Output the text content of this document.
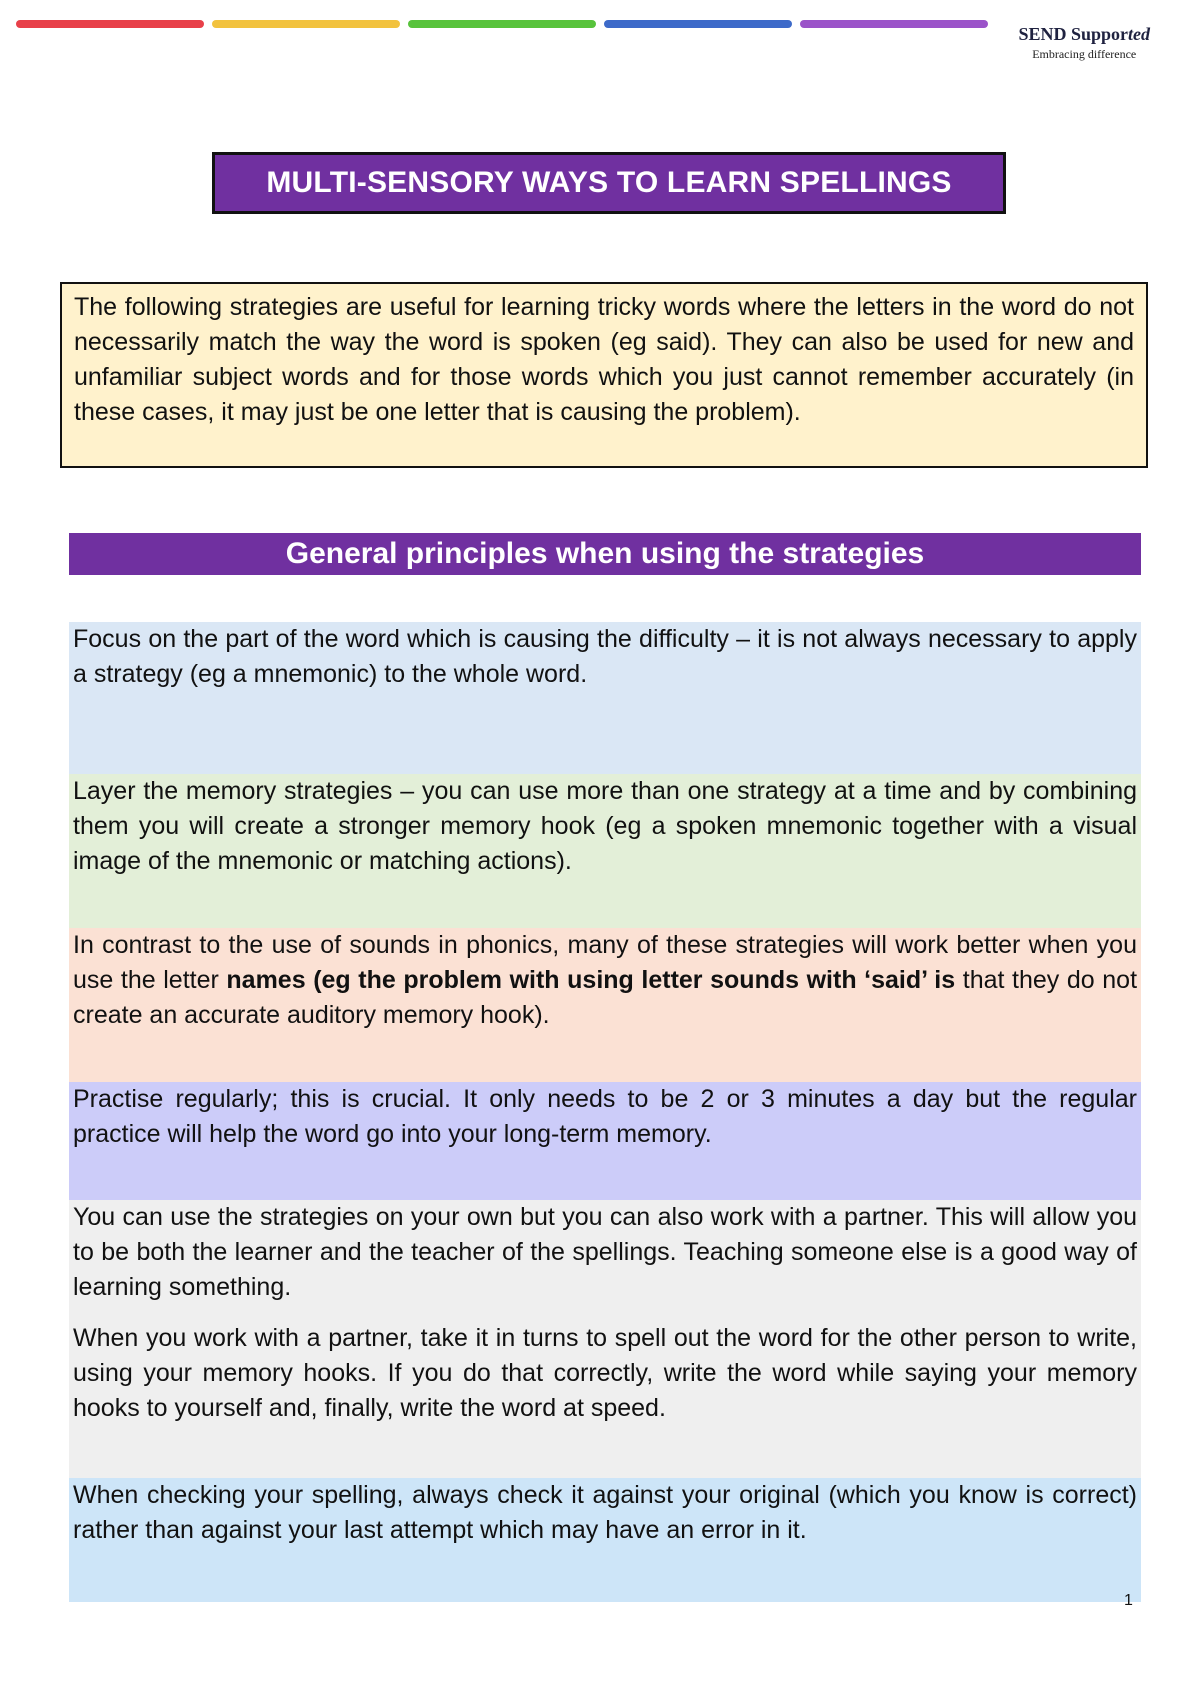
SEND Supported
Embracing difference
MULTI-SENSORY WAYS TO LEARN SPELLINGS
The following strategies are useful for learning tricky words where the letters in the word do not necessarily match the way the word is spoken (eg said). They can also be used for new and unfamiliar subject words and for those words which you just cannot remember accurately (in these cases, it may just be one letter that is causing the problem).
General principles when using the strategies

Focus on the part of the word which is causing the difficulty – it is not always necessary to apply a strategy (eg a mnemonic) to the whole word.

Layer the memory strategies – you can use more than one strategy at a time and by combining them you will create a stronger memory hook (eg a spoken mnemonic together with a visual image of the mnemonic or matching actions).

In contrast to the use of sounds in phonics, many of these strategies will work better when you use the letter names (eg the problem with using letter sounds with ‘said’ is that they do not create an accurate auditory memory hook).

Practise regularly; this is crucial. It only needs to be 2 or 3 minutes a day but the regular practice will help the word go into your long-term memory.

You can use the strategies on your own but you can also work with a partner. This will allow you to be both the learner and the teacher of the spellings. Teaching someone else is a good way of learning something.

When you work with a partner, take it in turns to spell out the word for the other person to write, using your memory hooks. If you do that correctly, write the word while saying your memory hooks to yourself and, finally, write the word at speed.

When checking your spelling, always check it against your original (which you know is correct) rather than against your last attempt which may have an error in it.

1
